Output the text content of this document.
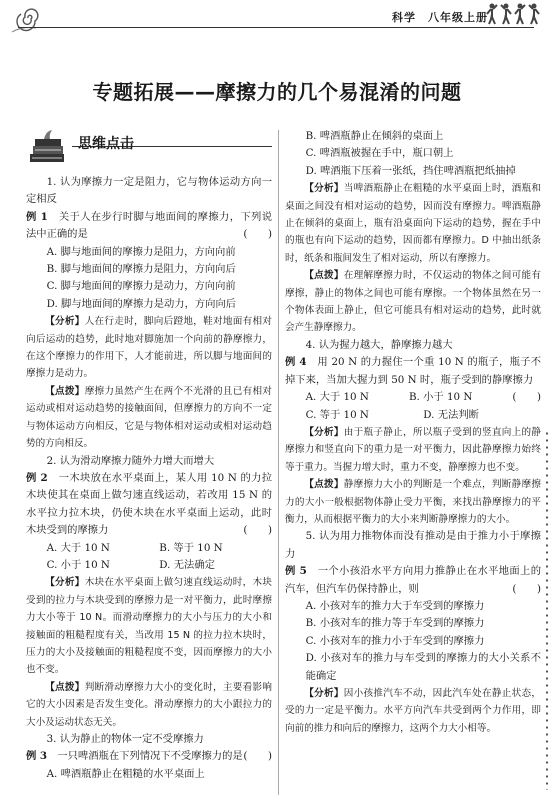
科学　八年级上册
专题拓展——摩擦力的几个易混淆的问题
思维点击

1. 认为摩擦力一定是阻力，它与物体运动方向一定相反

例 1　 关于人在步行时脚与地面间的摩擦力，下列说法中正确的是	(　　)

A. 脚与地面间的摩擦力是阻力，方向向前

B. 脚与地面间的摩擦力是阻力，方向向后

C. 脚与地面间的摩擦力是动力，方向向前

D. 脚与地面间的摩擦力是动力，方向向后

【分析】人在行走时，脚向后蹬地，鞋对地面有相对向后运动的趋势，此时地对脚施加一个向前的静摩擦力，在这个摩擦力的作用下，人才能前进，所以脚与地面间的摩擦力是动力。

【点拨】摩擦力虽然产生在两个不光滑的且已有相对运动或相对运动趋势的接触面间，但摩擦力的方向不一定与物体运动方向相反，它是与物体相对运动或相对运动趋势的方向相反。

2. 认为滑动摩擦力随外力增大而增大

例 2　 一木块放在水平桌面上，某人用 10 N 的力拉木块使其在桌面上做匀速直线运动，若改用 15 N 的水平拉力拉木块，仍使木块在水平桌面上运动，此时木块受到的摩擦力	(　　)

A. 大于 10 N	B. 等于 10 N
C. 小于 10 N	D. 无法确定

【分析】木块在水平桌面上做匀速直线运动时，木块受到的拉力与木块受到的摩擦力是一对平衡力，此时摩擦力大小等于 10 N。而滑动摩擦力的大小与压力的大小和接触面的粗糙程度有关，当改用 15 N 的拉力拉木块时，压力的大小及接触面的粗糙程度不变，因而摩擦力的大小也不变。

【点拨】判断滑动摩擦力大小的变化时，主要看影响它的大小因素是否发生变化。滑动摩擦力的大小跟拉力的大小及运动状态无关。

3. 认为静止的物体一定不受摩擦力

例 3　 一只啤酒瓶在下列情况下不受摩擦力的是 (　　)

A. 啤酒瓶静止在粗糙的水平桌面上

B. 啤酒瓶静止在倾斜的桌面上

C. 啤酒瓶被握在手中，瓶口朝上

D. 啤酒瓶下压着一张纸，挡住啤酒瓶把纸抽掉

【分析】当啤酒瓶静止在粗糙的水平桌面上时，酒瓶和桌面之间没有相对运动的趋势，因而没有摩擦力。啤酒瓶静止在倾斜的桌面上，瓶有沿桌面向下运动的趋势，握在手中的瓶也有向下运动的趋势，因而都有摩擦力。D 中抽出纸条时，纸条和瓶间发生了相对运动，所以有摩擦力。

【点拨】在理解摩擦力时，不仅运动的物体之间可能有摩擦，静止的物体之间也可能有摩擦。一个物体虽然在另一个物体表面上静止，但它可能具有相对运动的趋势，此时就会产生静摩擦力。

4. 认为握力越大，静摩擦力越大

例 4　 用 20 N 的力握住一个重 10 N 的瓶子，瓶子不掉下来，当加大握力到 50 N 时，瓶子受到的静摩擦力
(　　)

A. 大于 10 N	B. 小于 10 N
C. 等于 10 N	D. 无法判断

【分析】由于瓶子静止，所以瓶子受到的竖直向上的静摩擦力和竖直向下的重力是一对平衡力，因此静摩擦力始终等于重力。当握力增大时，重力不变，静摩擦力也不变。

【点拨】静摩擦力大小的判断是一个难点，判断静摩擦力的大小一般根据物体静止受力平衡，来找出静摩擦力的平衡力，从而根据平衡力的大小来判断静摩擦力的大小。

5. 认为用力推物体而没有推动是由于推力小于摩擦力

例 5　 一个小孩沿水平方向用力推静止在水平地面上的汽车，但汽车仍保持静止，则	(　　)

A. 小孩对车的推力大于车受到的摩擦力

B. 小孩对车的推力等于车受到的摩擦力

C. 小孩对车的推力小于车受到的摩擦力

D. 小孩对车的推力与车受到的摩擦力的大小关系不能确定

【分析】因小孩推汽车不动，因此汽车处在静止状态，受的力一定是平衡力。水平方向汽车共受到两个力作用，即向前的推力和向后的摩擦力，这两个力大小相等。
